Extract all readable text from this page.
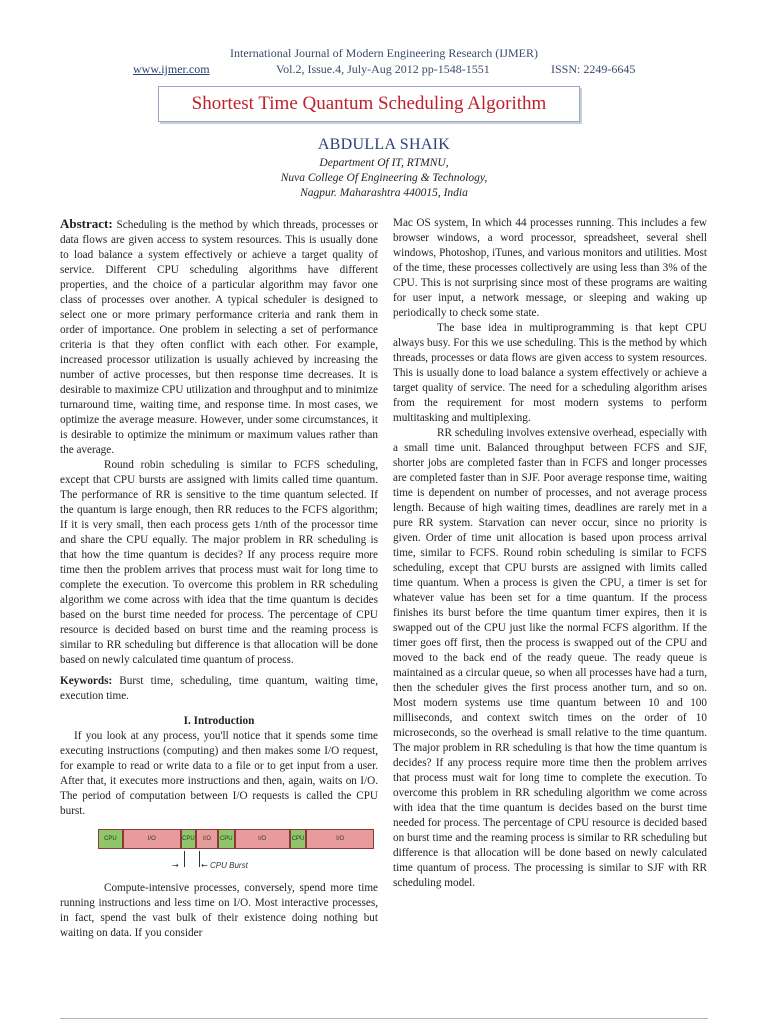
International Journal of Modern Engineering Research (IJMER)
www.ijmer.com	Vol.2, Issue.4, July-Aug 2012 pp-1548-1551	ISSN: 2249-6645
Shortest Time Quantum Scheduling Algorithm
ABDULLA SHAIK
Department Of IT, RTMNU,
Nuva College Of Engineering & Technology,
Nagpur. Maharashtra 440015, India

Abstract: Scheduling is the method by which threads, processes or data flows are given access to system resources. This is usually done to load balance a system effectively or achieve a target quality of service. Different CPU scheduling algorithms have different properties, and the choice of a particular algorithm may favor one class of processes over another. A typical scheduler is designed to select one or more primary performance criteria and rank them in order of importance. One problem in selecting a set of performance criteria is that they often conflict with each other. For example, increased processor utilization is usually achieved by increasing the number of active processes, but then response time decreases. It is desirable to maximize CPU utilization and throughput and to minimize turnaround time, waiting time, and response time. In most cases, we optimize the average measure. However, under some circumstances, it is desirable to optimize the minimum or maximum values rather than the average.

Round robin scheduling is similar to FCFS scheduling, except that CPU bursts are assigned with limits called time quantum. The performance of RR is sensitive to the time quantum selected. If the quantum is large enough, then RR reduces to the FCFS algorithm; If it is very small, then each process gets 1/nth of the processor time and share the CPU equally. The major problem in RR scheduling is that how the time quantum is decides? If any process require more time then the problem arrives that process must wait for long time to complete the execution. To overcome this problem in RR scheduling algorithm we come across with idea that the time quantum is decides based on the burst time needed for process. The percentage of CPU resource is decided based on burst time and the reaming process is similar to RR scheduling but difference is that allocation will be done based on newly calculated time quantum of process.

Keywords: Burst time, scheduling, time quantum, waiting time, execution time.

I. Introduction

If you look at any process, you'll notice that it spends some time executing instructions (computing) and then makes some I/O request, for example to read or write data to a file or to get input from a user. After that, it executes more instructions and then, again, waits on I/O. The period of computation between I/O requests is called the CPU burst.

CPU	I/O	CPU	I/O	CPU	I/O	CPU	I/O
→	← CPU Burst

Compute-intensive processes, conversely, spend more time running instructions and less time on I/O. Most interactive processes, in fact, spend the vast bulk of their existence doing nothing but waiting on data. If you consider

Mac OS system, In which 44 processes running. This includes a few browser windows, a word processor, spreadsheet, several shell windows, Photoshop, iTunes, and various monitors and utilities. Most of the time, these processes collectively are using less than 3% of the CPU. This is not surprising since most of these programs are waiting for user input, a network message, or sleeping and waking up periodically to check some state.

The base idea in multiprogramming is that kept CPU always busy. For this we use scheduling. This is the method by which threads, processes or data flows are given access to system resources. This is usually done to load balance a system effectively or achieve a target quality of service. The need for a scheduling algorithm arises from the requirement for most modern systems to perform multitasking and multiplexing.

RR scheduling involves extensive overhead, especially with a small time unit. Balanced throughput between FCFS and SJF, shorter jobs are completed faster than in FCFS and longer processes are completed faster than in SJF. Poor average response time, waiting time is dependent on number of processes, and not average process length. Because of high waiting times, deadlines are rarely met in a pure RR system. Starvation can never occur, since no priority is given. Order of time unit allocation is based upon process arrival time, similar to FCFS. Round robin scheduling is similar to FCFS scheduling, except that CPU bursts are assigned with limits called time quantum. When a process is given the CPU, a timer is set for whatever value has been set for a time quantum. If the process finishes its burst before the time quantum timer expires, then it is swapped out of the CPU just like the normal FCFS algorithm. If the timer goes off first, then the process is swapped out of the CPU and moved to the back end of the ready queue. The ready queue is maintained as a circular queue, so when all processes have had a turn, then the scheduler gives the first process another turn, and so on. Most modern systems use time quantum between 10 and 100 milliseconds, and context switch times on the order of 10 microseconds, so the overhead is small relative to the time quantum. The major problem in RR scheduling is that how the time quantum is decides? If any process require more time then the problem arrives that process must wait for long time to complete the execution. To overcome this problem in RR scheduling algorithm we come across with idea that the time quantum is decides based on the burst time needed for process. The percentage of CPU resource is decided based on burst time and the reaming process is similar to RR scheduling but difference is that allocation will be done based on newly calculated time quantum of process. The processing is similar to SJF with RR scheduling model.
